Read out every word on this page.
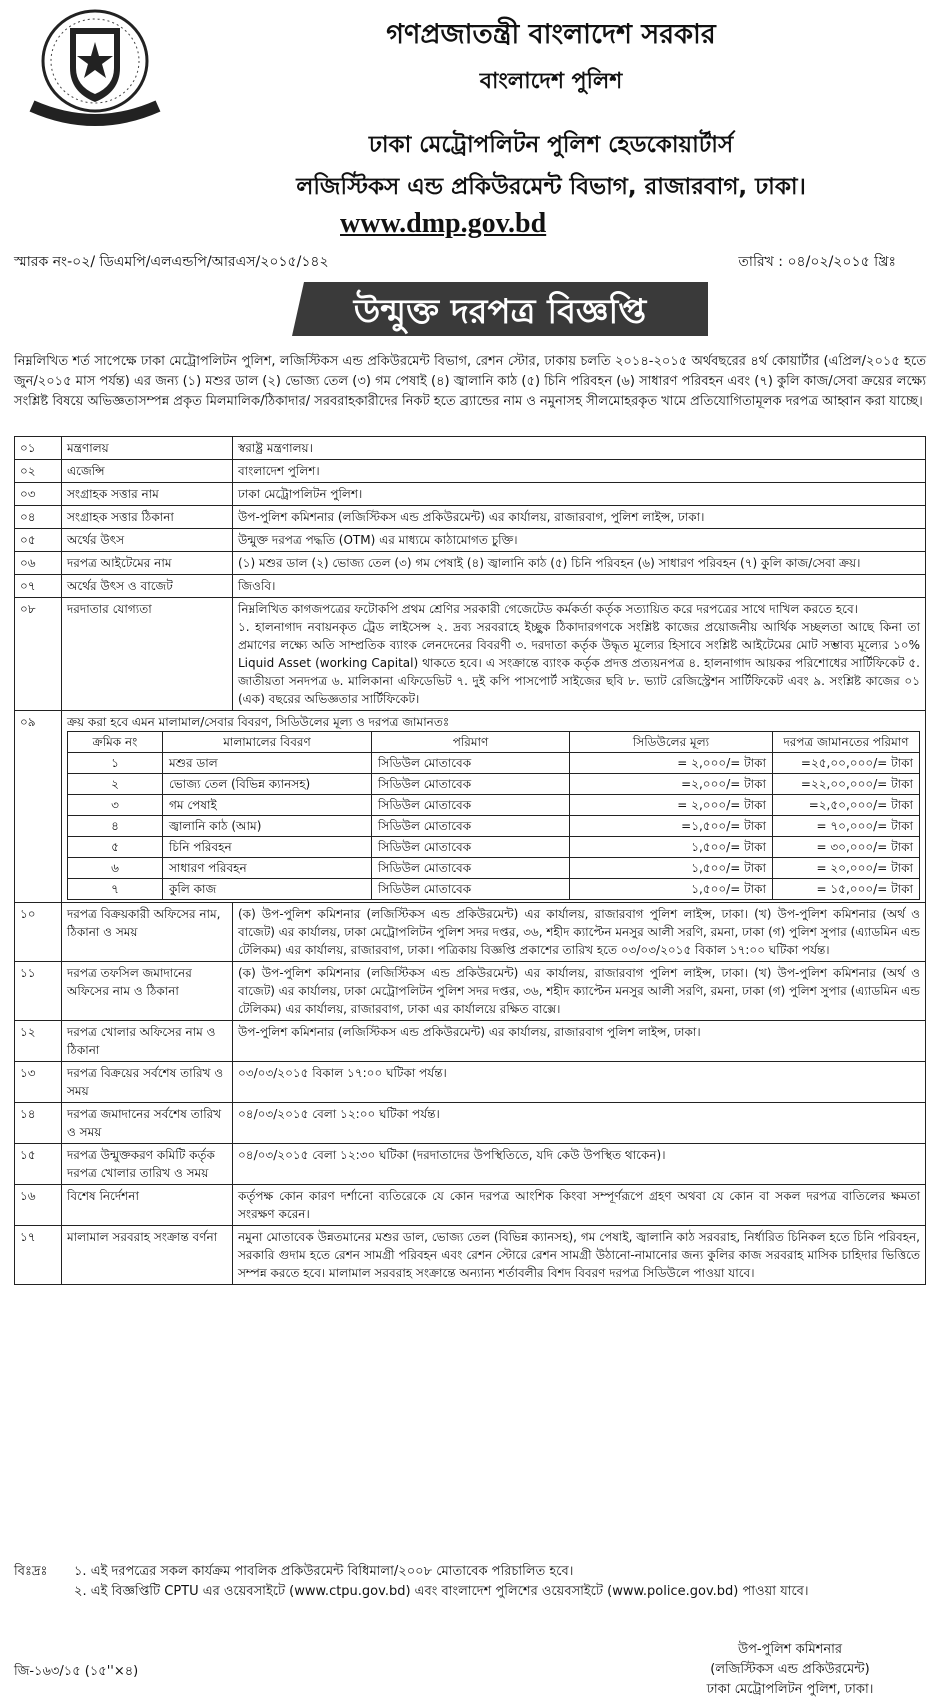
গণপ্রজাতন্ত্রী বাংলাদেশ সরকার
বাংলাদেশ পুলিশ
ঢাকা মেট্রোপলিটন পুলিশ হেডকোয়ার্টার্স
লজিস্টিকস এন্ড প্রকিউরমেন্ট বিভাগ, রাজারবাগ, ঢাকা।
www.dmp.gov.bd
স্মারক নং-০২/ ডিএমপি/এলএন্ডপি/আরএস/২০১৫/১৪২	তারিখ : ০৪/০২/২০১৫ খ্রিঃ
উন্মুক্ত দরপত্র বিজ্ঞপ্তি
নিম্নলিখিত শর্ত সাপেক্ষে ঢাকা মেট্রোপলিটন পুলিশ, লজিস্টিকস এন্ড প্রকিউরমেন্ট বিভাগ, রেশন স্টোর, ঢাকায় চলতি ২০১৪-২০১৫ অর্থবছরের ৪র্থ কোয়ার্টার (এপ্রিল/২০১৫ হতে জুন/২০১৫ মাস পর্যন্ত) এর জন্য (১) মশুর ডাল (২) ভোজ্য তেল (৩) গম পেষাই (৪) জ্বালানি কাঠ (৫) চিনি পরিবহন (৬) সাধারণ পরিবহন এবং (৭) কুলি কাজ/সেবা ক্রয়ের লক্ষ্যে সংশ্লিষ্ট বিষয়ে অভিজ্ঞতাসম্পন্ন প্রকৃত মিলমালিক/ঠিকাদার/ সরবরাহকারীদের নিকট হতে ব্র্যান্ডের নাম ও নমুনাসহ সীলমোহরকৃত খামে প্রতিযোগিতামূলক দরপত্র আহ্বান করা যাচ্ছে।
০১	মন্ত্রণালয়	স্বরাষ্ট্র মন্ত্রণালয়।
০২	এজেন্সি	বাংলাদেশ পুলিশ।
০৩	সংগ্রাহক সত্তার নাম	ঢাকা মেট্রোপলিটন পুলিশ।
০৪	সংগ্রাহক সত্তার ঠিকানা	উপ-পুলিশ কমিশনার (লজিস্টিকস এন্ড প্রকিউরমেন্ট) এর কার্যালয়, রাজারবাগ, পুলিশ লাইন্স, ঢাকা।
০৫	অর্থের উৎস	উন্মুক্ত দরপত্র পদ্ধতি (OTM) এর মাধ্যমে কাঠামোগত চুক্তি।
০৬	দরপত্র আইটেমের নাম	(১) মশুর ডাল (২) ভোজ্য তেল (৩) গম পেষাই (৪) জ্বালানি কাঠ (৫) চিনি পরিবহন (৬) সাধারণ পরিবহন (৭) কুলি কাজ/সেবা ক্রয়।
০৭	অর্থের উৎস ও বাজেট	জিওবি।
০৮	দরদাতার যোগ্যতা	নিম্নলিখিত কাগজপত্রের ফটোকপি প্রথম শ্রেণির সরকারী গেজেটেড কর্মকর্তা কর্তৃক সত্যায়িত করে দরপত্রের সাথে দাখিল করতে হবে।
১. হালনাগাদ নবায়নকৃত ট্রেড লাইসেন্স ২. দ্রব্য সরবরাহে ইচ্ছুক ঠিকাদারগণকে সংশ্লিষ্ট কাজের প্রয়োজনীয় আর্থিক সচ্ছলতা আছে কিনা তা প্রমাণের লক্ষ্যে অতি সাম্প্রতিক ব্যাংক লেনদেনের বিবরণী ৩. দরদাতা কর্তৃক উদ্ধৃত মূল্যের হিসাবে সংশ্লিষ্ট আইটেমের মোট সম্ভাব্য মূল্যের ১০% Liquid Asset (working Capital) থাকতে হবে। এ সংক্রান্তে ব্যাংক কর্তৃক প্রদত্ত প্রত্যয়নপত্র ৪. হালনাগাদ আয়কর পরিশোধের সার্টিফিকেট ৫. জাতীয়তা সনদপত্র ৬. মালিকানা এফিডেভিট ৭. দুই কপি পাসপোর্ট সাইজের ছবি ৮. ভ্যাট রেজিস্ট্রেশন সার্টিফিকেট এবং ৯. সংশ্লিষ্ট কাজের ০১ (এক) বছরের অভিজ্ঞতার সার্টিফিকেট।

০৯	ক্রয় করা হবে এমন মালামাল/সেবার বিবরণ, সিডিউলের মূল্য ও দরপত্র জামানতঃ
ক্রমিক নং	মালামালের বিবরণ	পরিমাণ	সিডিউলের মূল্য	দরপত্র জামানতের পরিমাণ
১	মশুর ডাল	সিডিউল মোতাবেক	= ২,০০০/= টাকা	=২৫,০০,০০০/= টাকা
২	ভোজ্য তেল (বিভিন্ন ক্যানসহ)	সিডিউল মোতাবেক	=২,০০০/= টাকা	=২২,০০,০০০/= টাকা
৩	গম পেষাই	সিডিউল মোতাবেক	= ২,০০০/= টাকা	=২,৫০,০০০/= টাকা
৪	জ্বালানি কাঠ (আম)	সিডিউল মোতাবেক	=১,৫০০/= টাকা	= ৭০,০০০/= টাকা
৫	চিনি পরিবহন	সিডিউল মোতাবেক	১,৫০০/= টাকা	= ৩০,০০০/= টাকা
৬	সাধারণ পরিবহন	সিডিউল মোতাবেক	১,৫০০/= টাকা	= ২০,০০০/= টাকা
৭	কুলি কাজ	সিডিউল মোতাবেক	১,৫০০/= টাকা	= ১৫,০০০/= টাকা

১০	দরপত্র বিক্রয়কারী অফিসের নাম, ঠিকানা ও সময়	(ক) উপ-পুলিশ কমিশনার (লজিস্টিকস এন্ড প্রকিউরমেন্ট) এর কার্যালয়, রাজারবাগ পুলিশ লাইন্স, ঢাকা। (খ) উপ-পুলিশ কমিশনার (অর্থ ও বাজেট) এর কার্যালয়, ঢাকা মেট্রোপলিটন পুলিশ সদর দপ্তর, ৩৬, শহীদ ক্যাপ্টেন মনসুর আলী সরণি, রমনা, ঢাকা (গ) পুলিশ সুপার (এ্যাডমিন এন্ড টেলিকম) এর কার্যালয়, রাজারবাগ, ঢাকা। পত্রিকায় বিজ্ঞপ্তি প্রকাশের তারিখ হতে ০৩/০৩/২০১৫ বিকাল ১৭:০০ ঘটিকা পর্যন্ত।
১১	দরপত্র তফসিল জমাদানের অফিসের নাম ও ঠিকানা	(ক) উপ-পুলিশ কমিশনার (লজিস্টিকস এন্ড প্রকিউরমেন্ট) এর কার্যালয়, রাজারবাগ পুলিশ লাইন্স, ঢাকা। (খ) উপ-পুলিশ কমিশনার (অর্থ ও বাজেট) এর কার্যালয়, ঢাকা মেট্রোপলিটন পুলিশ সদর দপ্তর, ৩৬, শহীদ ক্যাপ্টেন মনসুর আলী সরণি, রমনা, ঢাকা (গ) পুলিশ সুপার (এ্যাডমিন এন্ড টেলিকম) এর কার্যালয়, রাজারবাগ, ঢাকা এর কার্যালয়ে রক্ষিত বাক্সে।
১২	দরপত্র খোলার অফিসের নাম ও ঠিকানা	উপ-পুলিশ কমিশনার (লজিস্টিকস এন্ড প্রকিউরমেন্ট) এর কার্যালয়, রাজারবাগ পুলিশ লাইন্স, ঢাকা।
১৩	দরপত্র বিক্রয়ের সর্বশেষ তারিখ ও সময়	০৩/০৩/২০১৫ বিকাল ১৭:০০ ঘটিকা পর্যন্ত।
১৪	দরপত্র জমাদানের সর্বশেষ তারিখ ও সময়	০৪/০৩/২০১৫ বেলা ১২:০০ ঘটিকা পর্যন্ত।
১৫	দরপত্র উন্মুক্তকরণ কমিটি কর্তৃক দরপত্র খোলার তারিখ ও সময়	০৪/০৩/২০১৫ বেলা ১২:৩০ ঘটিকা (দরদাতাদের উপস্থিতিতে, যদি কেউ উপস্থিত থাকেন)।
১৬	বিশেষ নির্দেশনা	কর্তৃপক্ষ কোন কারণ দর্শানো ব্যতিরেকে যে কোন দরপত্র আংশিক কিংবা সম্পূর্ণরূপে গ্রহণ অথবা যে কোন বা সকল দরপত্র বাতিলের ক্ষমতা সংরক্ষণ করেন।
১৭	মালামাল সরবরাহ সংক্রান্ত বর্ণনা	নমুনা মোতাবেক উন্নতমানের মশুর ডাল, ভোজ্য তেল (বিভিন্ন ক্যানসহ), গম পেষাই, জ্বালানি কাঠ সরবরাহ, নির্ধারিত চিনিকল হতে চিনি পরিবহন, সরকারি গুদাম হতে রেশন সামগ্রী পরিবহন এবং রেশন স্টোরে রেশন সামগ্রী উঠানো-নামানোর জন্য কুলির কাজ সরবরাহ মাসিক চাহিদার ভিত্তিতে সম্পন্ন করতে হবে। মালামাল সরবরাহ সংক্রান্তে অন্যান্য শর্তাবলীর বিশদ বিবরণ দরপত্র সিডিউলে পাওয়া যাবে।
বিঃদ্রঃ ১. এই দরপত্রের সকল কার্যক্রম পাবলিক প্রকিউরমেন্ট বিধিমালা/২০০৮ মোতাবেক পরিচালিত হবে।
২. এই বিজ্ঞপ্তিটি CPTU এর ওয়েবসাইটে (www.ctpu.gov.bd) এবং বাংলাদেশ পুলিশের ওয়েবসাইটে (www.police.gov.bd) পাওয়া যাবে।
উপ-পুলিশ কমিশনার
(লজিস্টিকস এন্ড প্রকিউরমেন্ট)
ঢাকা মেট্রোপলিটন পুলিশ, ঢাকা।
জি-১৬৩/১৫ (১৫''×৪)
